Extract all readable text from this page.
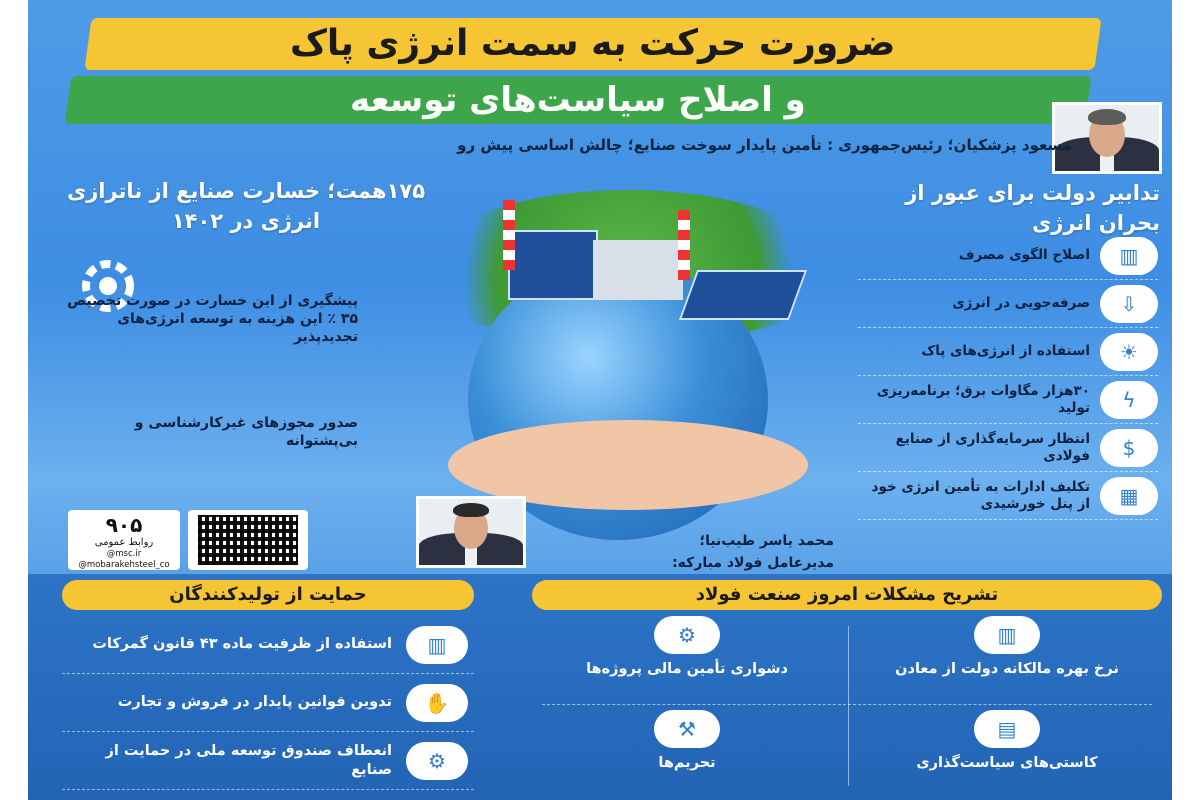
ضرورت حرکت به سمت انرژی پاک
و اصلاح سیاست‌های توسعه
مسعود پزشکیان؛ رئیس‌جمهوری : تأمین پایدار سوخت صنایع؛ چالش اساسی پیش رو
تدابیر دولت برای عبور از بحران انرژی
▥
اصلاح الگوی مصرف
⇩
صرفه‌جویی در انرژی
☀
استفاده از انرژی‌های پاک
ϟ
۳۰هزار مگاوات برق؛ برنامه‌ریزی تولید
$
انتظار سرمایه‌گذاری از صنایع فولادی
▦
تکلیف ادارات به تأمین انرژی خود از پنل خورشیدی
۱۷۵همت؛ خسارت صنایع از ناترازی انرژی در ۱۴۰۲
پیشگیری از این خسارت در صورت تخصیص ۳۵ ٪ این هزینه به توسعه انرژی‌های تجدیدپذیر
صدور مجوزهای غیرکارشناسی و بی‌پشتوانه
محمد یاسر طیب‌نیا؛
مدیرعامل فولاد مبارکه:
۹۰۵
روابط عمومی
@msc.ir
@mobarakehsteel_co
تشریح مشکلات امروز صنعت فولاد
حمایت از تولیدکنندگان
▥
نرخ بهره مالکانه دولت از معادن
⚙
دشواری تأمین مالی پروژه‌ها
▤
کاستی‌های سیاست‌گذاری
⚒
تحریم‌ها
▥
استفاده از ظرفیت ماده ۴۳ قانون گمرکات
✋
تدوین قوانین پایدار در فروش و تجارت
⚙
انعطاف صندوق توسعه ملی در حمایت از صنایع
